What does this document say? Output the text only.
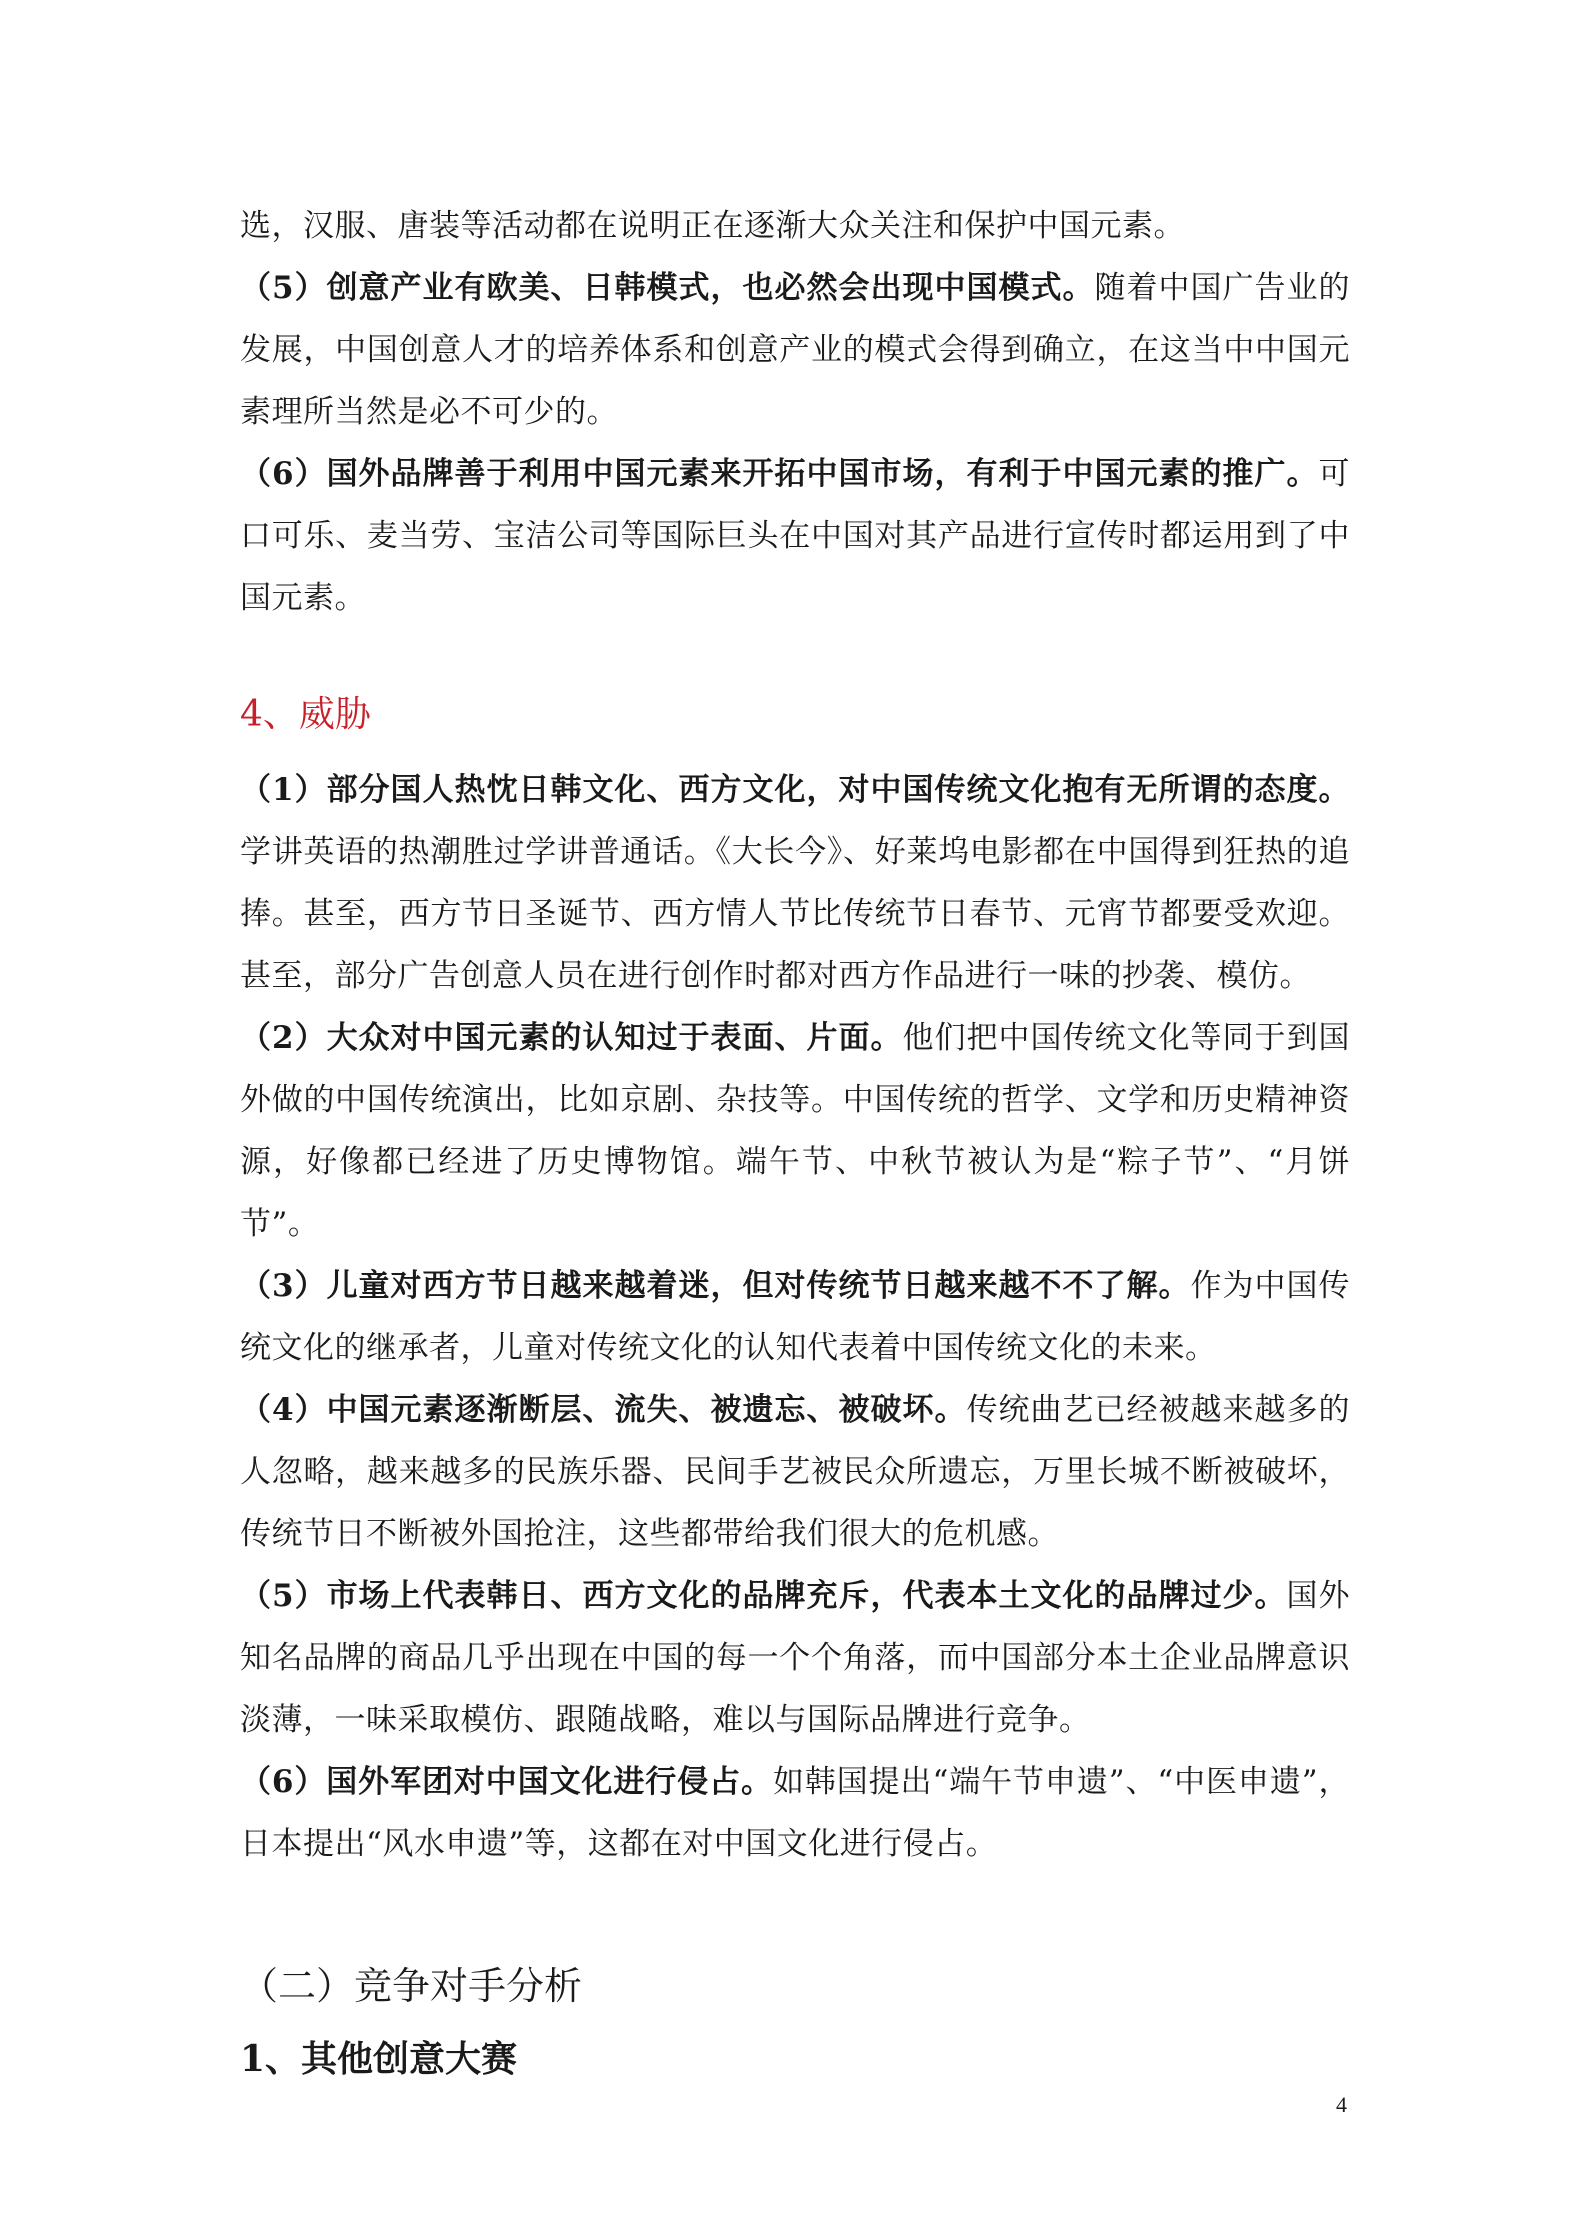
选，汉服、唐装等活动都在说明正在逐渐大众关注和保护中国元素。

（5）创意产业有欧美、日韩模式，也必然会出现中国模式。随着中国广告业的发展，中国创意人才的培养体系和创意产业的模式会得到确立，在这当中中国元素理所当然是必不可少的。

（6）国外品牌善于利用中国元素来开拓中国市场，有利于中国元素的推广。可口可乐、麦当劳、宝洁公司等国际巨头在中国对其产品进行宣传时都运用到了中国元素。

4、威胁

（1）部分国人热忱日韩文化、西方文化，对中国传统文化抱有无所谓的态度。学讲英语的热潮胜过学讲普通话。《大长今》、好莱坞电影都在中国得到狂热的追捧。甚至，西方节日圣诞节、西方情人节比传统节日春节、元宵节都要受欢迎。甚至，部分广告创意人员在进行创作时都对西方作品进行一味的抄袭、模仿。

（2）大众对中国元素的认知过于表面、片面。他们把中国传统文化等同于到国外做的中国传统演出，比如京剧、杂技等。中国传统的哲学、文学和历史精神资源，好像都已经进了历史博物馆。端午节、中秋节被认为是“粽子节”、“月饼节”。

（3）儿童对西方节日越来越着迷，但对传统节日越来越不不了解。作为中国传统文化的继承者，儿童对传统文化的认知代表着中国传统文化的未来。

（4）中国元素逐渐断层、流失、被遗忘、被破坏。传统曲艺已经被越来越多的人忽略，越来越多的民族乐器、民间手艺被民众所遗忘，万里长城不断被破坏，传统节日不断被外国抢注，这些都带给我们很大的危机感。

（5）市场上代表韩日、西方文化的品牌充斥，代表本土文化的品牌过少。国外知名品牌的商品几乎出现在中国的每一个个角落，而中国部分本土企业品牌意识淡薄，一味采取模仿、跟随战略，难以与国际品牌进行竞争。

（6）国外军团对中国文化进行侵占。如韩国提出“端午节申遗”、“中医申遗”，日本提出“风水申遗”等，这都在对中国文化进行侵占。

（二）竞争对手分析
1、其他创意大赛
4
